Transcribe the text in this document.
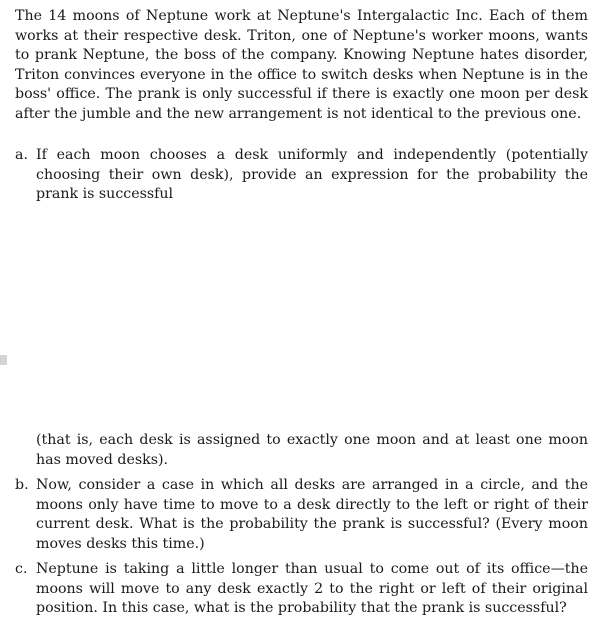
The 14 moons of Neptune work at Neptune's Intergalactic Inc. Each of them works at their respective desk. Triton, one of Neptune's worker moons, wants to prank Neptune, the boss of the company. Knowing Neptune hates disorder, Triton convinces everyone in the office to switch desks when Neptune is in the boss' office. The prank is only successful if there is exactly one moon per desk after the jumble and the new arrangement is not identical to the previous one.

a. If each moon chooses a desk uniformly and independently (potentially choosing their own desk), provide an expression for the probability the prank is successful
(that is, each desk is assigned to exactly one moon and at least one moon has moved desks).
b. Now, consider a case in which all desks are arranged in a circle, and the moons only have time to move to a desk directly to the left or right of their current desk. What is the probability the prank is successful? (Every moon moves desks this time.)
c. Neptune is taking a little longer than usual to come out of its office—the moons will move to any desk exactly 2 to the right or left of their original position. In this case, what is the probability that the prank is successful?
